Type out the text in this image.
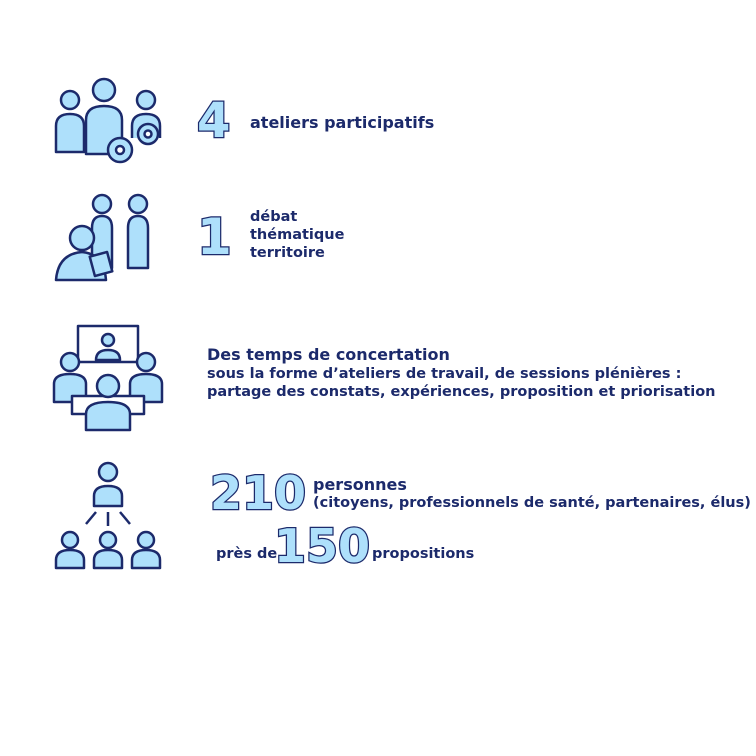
4 ateliers participatifs
1 débat
thématique
territoire
Des temps de concertation
sous la forme d’ateliers de travail, de sessions plénières :
partage des constats, expériences, proposition et priorisation
210 personnes
(citoyens, professionnels de santé, partenaires, élus)
près de
150 propositions
